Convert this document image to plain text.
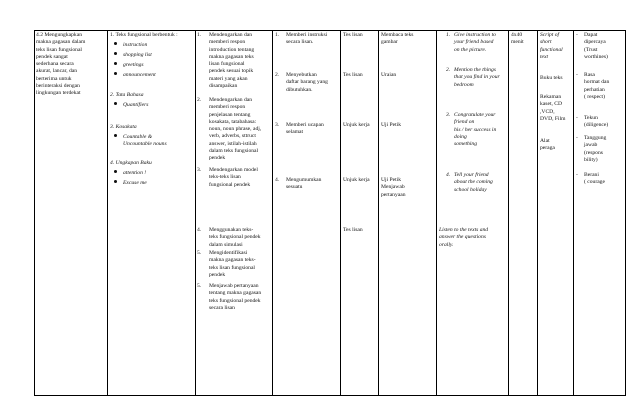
4.2 Mengungkapkan
makna gagasan dalam
teks lisan fungsional
pendek sangat
sederhana secara
akurat, lancar, dan
berterima untuk
berinteraksi dengan
lingkungan terdekat
1. Teks fungsional berbentuk :
instruction
shopping list
greetings
announcement
2. Tata Bahasa
Quantifiers
3. Kosakata
Countable &
Uncountable nouns
4. Ungkapan Baku
attention !
Excuse me
1. Mendengarkan dan
memberi respon
introduction tentang
makna gagasan teks
lisan fungsional
pendek sesuai topik
materi yang akan
disampaikan
2. Mendengarkan dan
memberi respon
penjelasan tentang
kosakata, tatabahasa:
noun, noun phrase, adj,
verb, adverbs, sttruct
answer, istilah-istilah
dalam teks fungsional
pendek
3. Mendengarkan model
teks-teks lisan
fungsional pendek
4. Menggunakan teks-
teks fungsional pendek
dalam simulasi
5. Mengidentifikasi
makna gagasan teks-
teks lisan fungsional
pendek
5. Menjawab pertanyaan
tentang makna gagasan
teks fungsional pendek
secara lisan
1. Memberi instruksi
secara lisan.
2. Menyebutkan
daftar barang yang
dibutuhkan.
3. Memberi ucapan
selamat
4. Mengumumkan
sesuatu
Tes lisan
Tes lisan
Unjuk kerja
Unjuk kerja
Tes lisan
Membaca teks
gambar
Uraian
Uji Petik
Uji Petik
Menjawab
pertanyaan
1. Give instruction to
your friend based
on the picture.
2. Mention the things
that you find in your
bedroom
3. Congratulate your
friend on
his / her success in
doing
something
4. Tell your friend
about the coming
school holiday
Listen to the texts and
answer the questions
orally.
4x40
menit
Script of
short
functional
text
Buku teks
Rekaman
kaset, CD
,VCD,
DVD, Film
Alat
peraga
- Dapat
dipercaya
(Trust
worthines)
- Rasa
hormat dan
perhatian
( respect)
- Tekun
(diligence)
- Tanggung
jawab
(respons
bility)
- Berani
( courage
